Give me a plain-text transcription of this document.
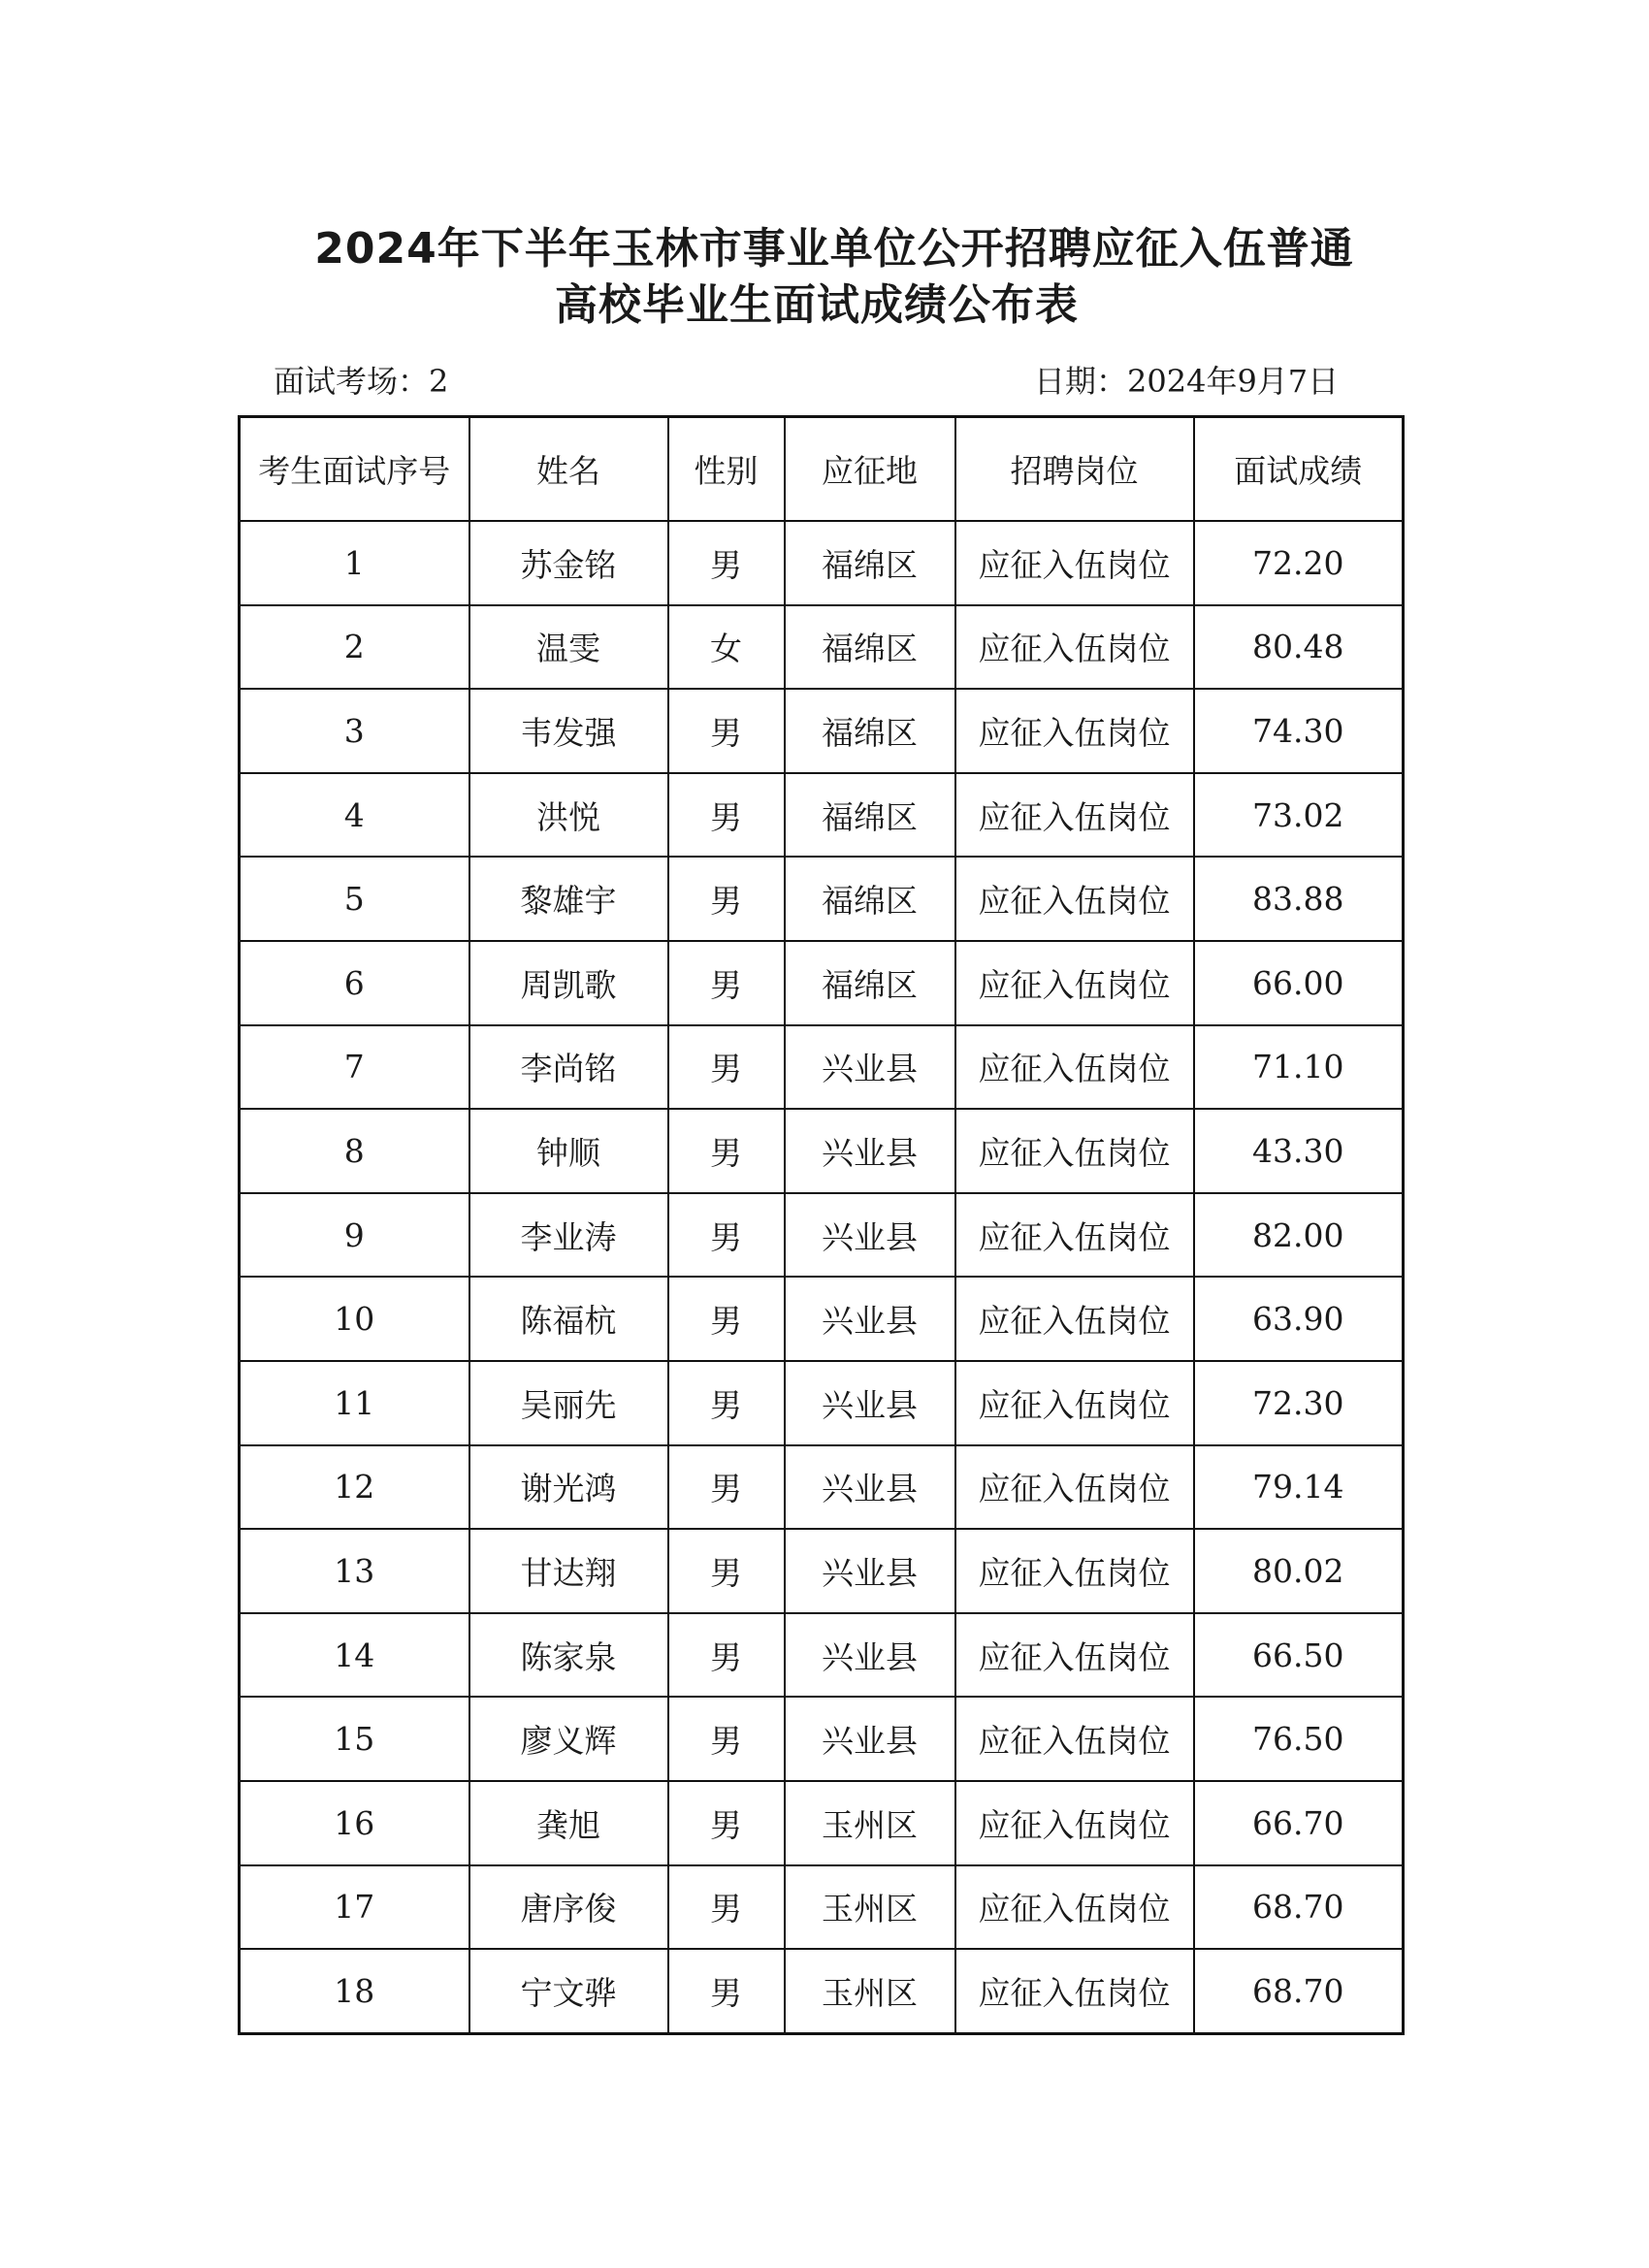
2024年下半年玉林市事业单位公开招聘应征入伍普通
高校毕业生面试成绩公布表
面试考场：2	日期：2024年9月7日
考生面试序号	姓名	性别	应征地	招聘岗位	面试成绩
1	苏金铭	男	福绵区	应征入伍岗位	72.20
2	温雯	女	福绵区	应征入伍岗位	80.48
3	韦发强	男	福绵区	应征入伍岗位	74.30
4	洪悦	男	福绵区	应征入伍岗位	73.02
5	黎雄宇	男	福绵区	应征入伍岗位	83.88
6	周凯歌	男	福绵区	应征入伍岗位	66.00
7	李尚铭	男	兴业县	应征入伍岗位	71.10
8	钟顺	男	兴业县	应征入伍岗位	43.30
9	李业涛	男	兴业县	应征入伍岗位	82.00
10	陈福杭	男	兴业县	应征入伍岗位	63.90
11	吴丽先	男	兴业县	应征入伍岗位	72.30
12	谢光鸿	男	兴业县	应征入伍岗位	79.14
13	甘达翔	男	兴业县	应征入伍岗位	80.02
14	陈家泉	男	兴业县	应征入伍岗位	66.50
15	廖义辉	男	兴业县	应征入伍岗位	76.50
16	龚旭	男	玉州区	应征入伍岗位	66.70
17	唐序俊	男	玉州区	应征入伍岗位	68.70
18	宁文骅	男	玉州区	应征入伍岗位	68.70
